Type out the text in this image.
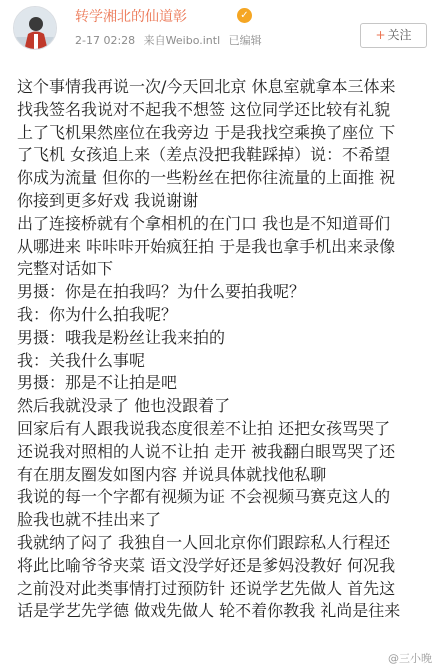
转学湘北的仙道彰	✓
2-17 02:28 来自Weibo.intl 已编辑	+ 关注
这个事情我再说一次/今天回北京 休息室就拿本三体来
找我签名我说对不起我不想签 这位同学还比较有礼貌
上了飞机果然座位在我旁边 于是我找空乘换了座位 下
了飞机 女孩追上来（差点没把我鞋踩掉）说：不希望
你成为流量 但你的一些粉丝在把你往流量的上面推 祝
你接到更多好戏 我说谢谢
出了连接桥就有个拿相机的在门口 我也是不知道哥们
从哪进来 咔咔咔开始疯狂拍 于是我也拿手机出来录像
完整对话如下
男摄：你是在拍我吗？为什么要拍我呢？
我：你为什么拍我呢？
男摄：哦我是粉丝让我来拍的
我：关我什么事呢
男摄：那是不让拍是吧
然后我就没录了 他也没跟着了
回家后有人跟我说我态度很差不让拍 还把女孩骂哭了
还说我对照相的人说不让拍 走开 被我翻白眼骂哭了还
有在朋友圈发如图内容 并说具体就找他私聊
我说的每一个字都有视频为证 不会视频马赛克这人的
脸我也就不挂出来了
我就纳了闷了 我独自一人回北京你们跟踪私人行程还
将此比喻爷爷夹菜 语文没学好还是爹妈没教好 何况我
之前没对此类事情打过预防针 还说学艺先做人 首先这
话是学艺先学德 做戏先做人 轮不着你教我 礼尚是往来
@三小晚
